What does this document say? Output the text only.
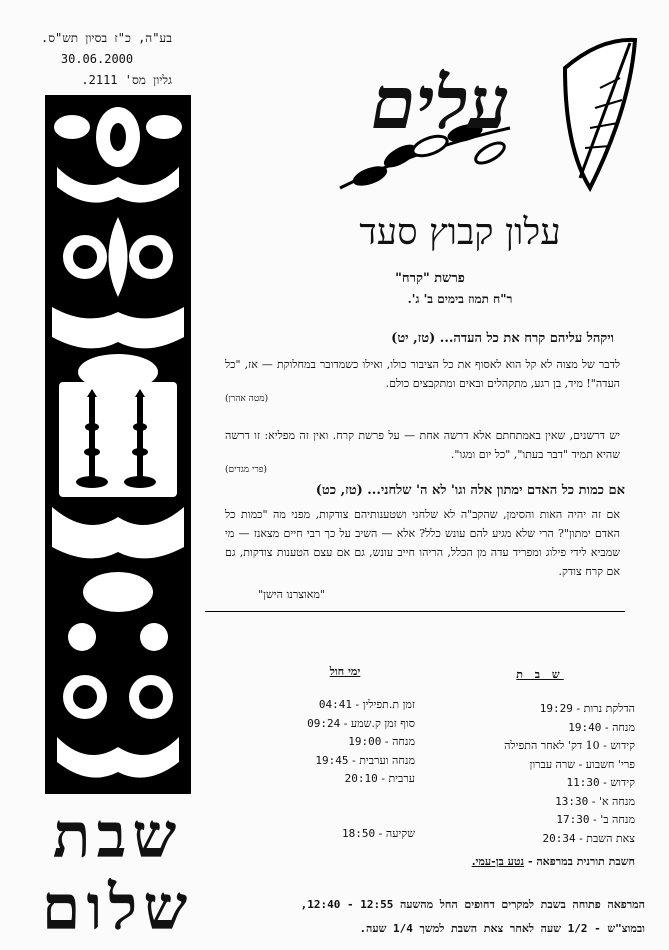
בע"ה, כ"ז בסיון תש"ס.
30.06.2000
גליון מס' 2111.
שבת
שלום
עלים
עלון קבוץ סעד
פרשת "קרח"
ר"ח תמוז בימים ב' ג'.
ויקהל עליהם קרח את כל העדה... (טז, יט)
לדבר של מצוה לא קל הוא לאסוף את כל הציבור כולו, ואילו כשמדובר במחלוקת — אז, "כל העדה"! מיד, בן רגע, מתקהלים ובאים ומתקבצים כולם.
(מטה אהרן)
יש דרשנים, שאין באמתחתם אלא דרשה אחת — על פרשת קרח. ואין זה מפליא: זו דרשה שהיא תמיד "דבר בעתו", "כל יום ומגו".
(פרי מגדים)
אם כמות כל האדם ימתון אלה וגו' לא ה' שלחני... (טז, כט)
אם זה יהיה האות והסימן, שהקב"ה לא שלחני ושטענותיהם צודקות, מפני מה "כמות כל האדם ימתון"? הרי שלא מגיע להם עונש כלל? אלא — השיב על כך רבי חיים מצאנז — מי שמביא לידי פילוג ומפריד עדה מן הכלל, הריהו חייב עונש, גם אם עצם הטענות צודקות, גם אם קרח צודק.
"מאוצרנו הישן"
ש ב ת
ימי חול
הדלקת נרות - 19:29
מנחה - 19:40
קידוש - 10 דק' לאחר התפילה
פרי' חשבוע - שרה עברון
קידוש - 11:30
מנחה א' - 13:30
מנחה ב' - 17:30
צאת השבת - 20:34
זמן ת.תפילין - 04:41
סוף זמן ק.שמע - 09:24
מנחה - 19:00
מנחה וערבית - 19:45
ערבית - 20:10
שקיעה - 18:50
חשבת תורנית במרפאה - נטע בן-עמי.
המרפאה פתוחה בשבת למקרים דחופים החל מהשעה 12:55 - 12:40,
ובמוצ"ש - 1/2 שעה לאחר צאת השבת למשך 1/4 שעה.
